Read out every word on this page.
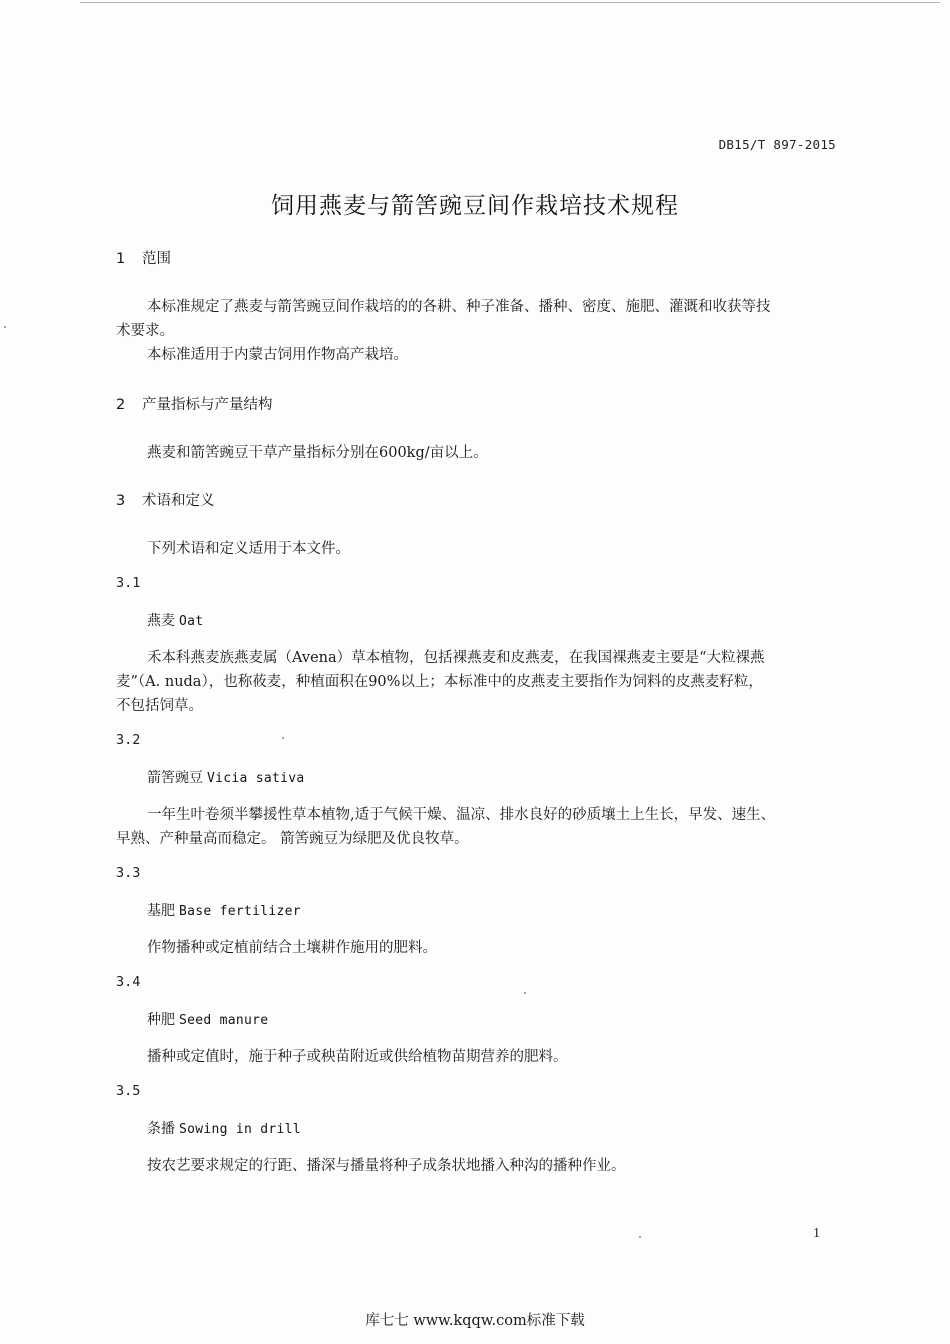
DB15/T 897-2015
饲用燕麦与箭筈豌豆间作栽培技术规程
1 范围
本标准规定了燕麦与箭筈豌豆间作栽培的的各耕、种子准备、播种、密度、施肥、灌溉和收获等技
术要求。
本标准适用于内蒙古饲用作物高产栽培。
2 产量指标与产量结构
燕麦和箭筈豌豆干草产量指标分别在600kg/亩以上。
3 术语和定义
下列术语和定义适用于本文件。
3.1
燕麦 Oat
禾本科燕麦族燕麦属（Avena）草本植物，包括裸燕麦和皮燕麦，在我国裸燕麦主要是“大粒裸燕
麦”（A. nuda），也称莜麦，种植面积在90%以上；本标准中的皮燕麦主要指作为饲料的皮燕麦籽粒，
不包括饲草。
3.2
箭筈豌豆 Vicia sativa
一年生叶卷须半攀援性草本植物,适于气候干燥、温凉、排水良好的砂质壤土上生长，早发、速生、
早熟、产种量高而稳定。 箭筈豌豆为绿肥及优良牧草。
3.3
基肥 Base fertilizer
作物播种或定植前结合土壤耕作施用的肥料。
3.4
种肥 Seed manure
播种或定值时，施于种子或秧苗附近或供给植物苗期营养的肥料。
3.5
条播 Sowing in drill
按农艺要求规定的行距、播深与播量将种子成条状地播入种沟的播种作业。
1
库七七 www.kqqw.com标准下载
